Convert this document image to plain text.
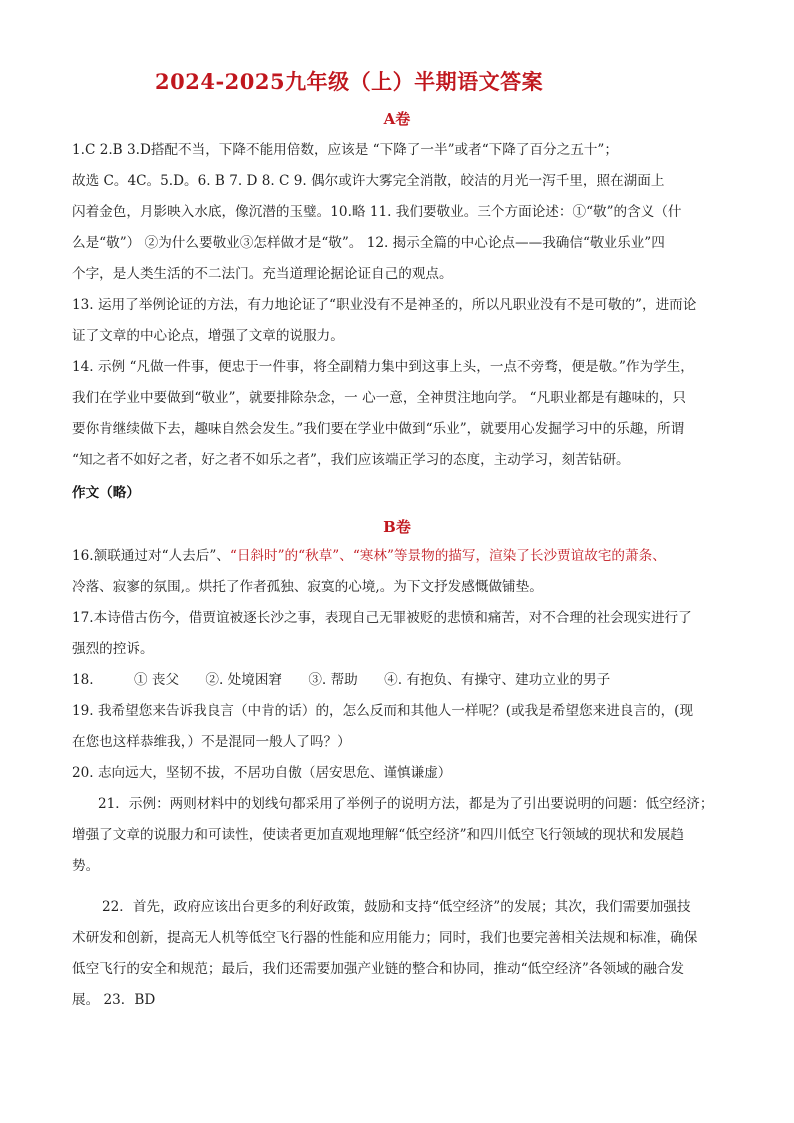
2024-2025九年级（上）半期语文答案
A卷
1.C 2.B 3.D搭配不当，下降不能用倍数，应该是 “下降了一半”或者“下降了百分之五十”；
故选 C。4C。5.D。6. B 7. D 8. C 9. 偶尔或许大雾完全消散，皎洁的月光一泻千里，照在湖面上
闪着金色，月影映入水底，像沉潜的玉璧。10.略 11. 我们要敬业。三个方面论述：①“敬”的含义（什
么是“敬”） ②为什么要敬业③怎样做才是“敬”。 12. 揭示全篇的中心论点——我确信“敬业乐业”四
个字，是人类生活的不二法门。充当道理论据论证自己的观点。
13. 运用了举例论证的方法，有力地论证了“职业没有不是神圣的，所以凡职业没有不是可敬的”，进而论
证了文章的中心论点，增强了文章的说服力。
14. 示例 “凡做一件事，便忠于一件事，将全副精力集中到这事上头，一点不旁骛，便是敬。”作为学生，
我们在学业中要做到“敬业”，就要排除杂念，一 心一意，全神贯注地向学。 “凡职业都是有趣味的，只
要你肯继续做下去，趣味自然会发生。”我们要在学业中做到“乐业”，就要用心发掘学习中的乐趣，所谓
“知之者不如好之者，好之者不如乐之者”，我们应该端正学习的态度，主动学习，刻苦钻研。
作文（略）
B卷
16.颔联通过对“人去后”、“日斜时”的“秋草”、“寒林”等景物的描写，渲染了长沙贾谊故宅的萧条、
冷落、寂寥的氛围,。烘托了作者孤独、寂寞的心境,。为下文抒发感慨做铺垫。
17.本诗借古伤今，借贾谊被逐长沙之事，表现自己无罪被贬的悲愤和痛苦，对不合理的社会现实进行了
强烈的控诉。
18.	① 丧父 ②. 处境困窘 ③. 帮助 ④. 有抱负、有操守、建功立业的男子
19. 我希望您来告诉我良言（中肯的话）的，怎么反而和其他人一样呢？(或我是希望您来进良言的，(现
在您也这样恭维我，）不是混同一般人了吗？）
20. 志向远大，坚韧不拔，不居功自傲（居安思危、谨慎谦虚）
21．示例：两则材料中的划线句都采用了举例子的说明方法，都是为了引出要说明的问题：低空经济；
增强了文章的说服力和可读性，使读者更加直观地理解“低空经济”和四川低空飞行领域的现状和发展趋
势。
22．首先，政府应该出台更多的利好政策，鼓励和支持“低空经济”的发展；其次，我们需要加强技
术研发和创新，提高无人机等低空飞行器的性能和应用能力；同时，我们也要完善相关法规和标准，确保
低空飞行的安全和规范；最后，我们还需要加强产业链的整合和协同，推动“低空经济”各领域的融合发
展。 23．BD
